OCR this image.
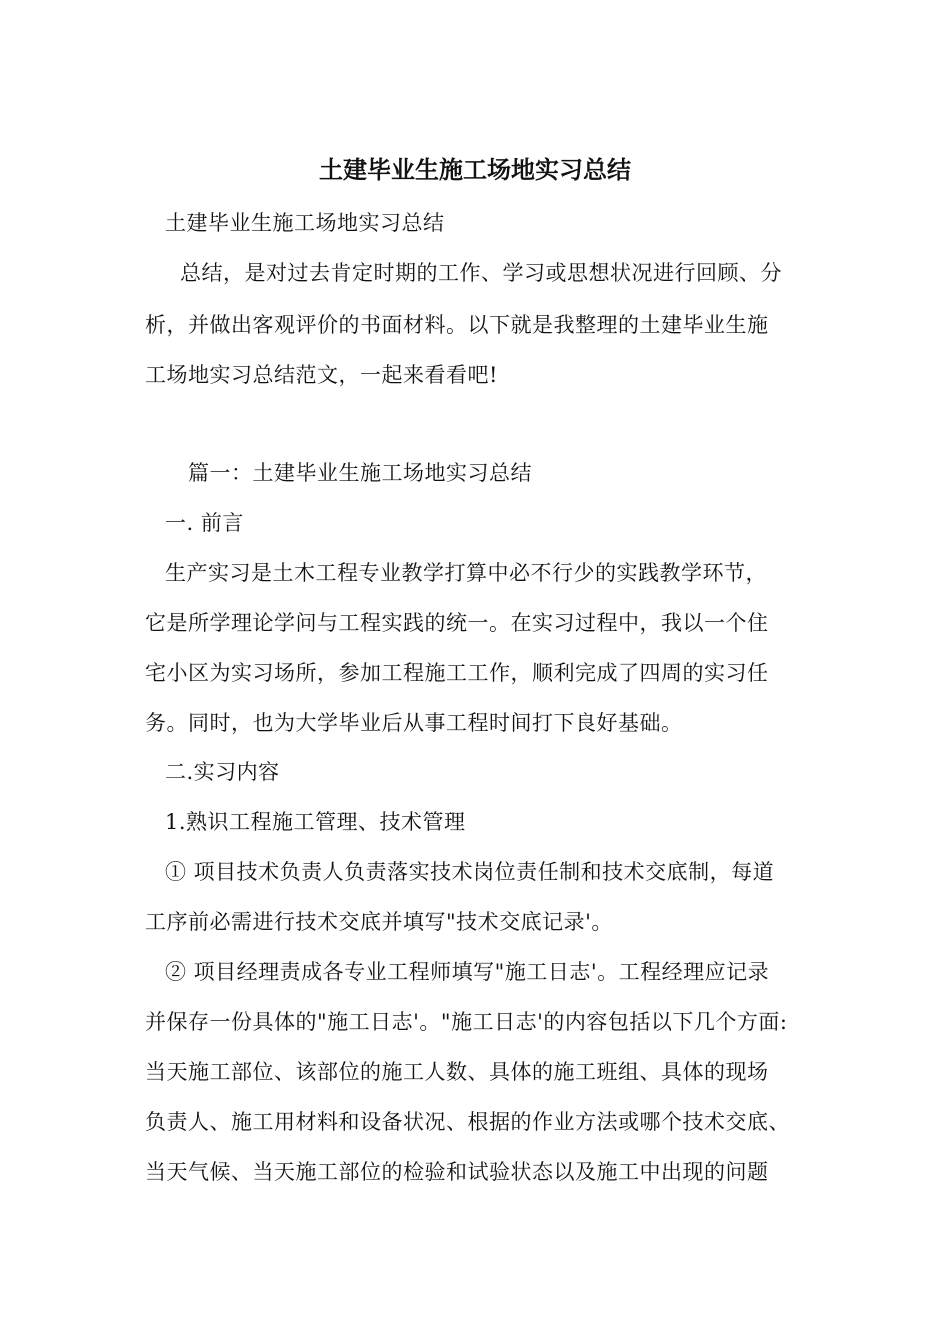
土建毕业生施工场地实习总结
土建毕业生施工场地实习总结
总结，是对过去肯定时期的工作、学习或思想状况进行回顾、分
析，并做出客观评价的书面材料。以下就是我整理的土建毕业生施
工场地实习总结范文，一起来看看吧!
篇一：土建毕业生施工场地实习总结
一. 前言
生产实习是土木工程专业教学打算中必不行少的实践教学环节，
它是所学理论学问与工程实践的统一。在实习过程中，我以一个住
宅小区为实习场所，参加工程施工工作，顺利完成了四周的实习任
务。同时，也为大学毕业后从事工程时间打下良好基础。
二.实习内容
1.熟识工程施工管理、技术管理
① 项目技术负责人负责落实技术岗位责任制和技术交底制，每道
工序前必需进行技术交底并填写"技术交底记录'。
② 项目经理责成各专业工程师填写"施工日志'。工程经理应记录
并保存一份具体的"施工日志'。"施工日志'的内容包括以下几个方面:
当天施工部位、该部位的施工人数、具体的施工班组、具体的现场
负责人、施工用材料和设备状况、根据的作业方法或哪个技术交底、
当天气候、当天施工部位的检验和试验状态以及施工中出现的问题
